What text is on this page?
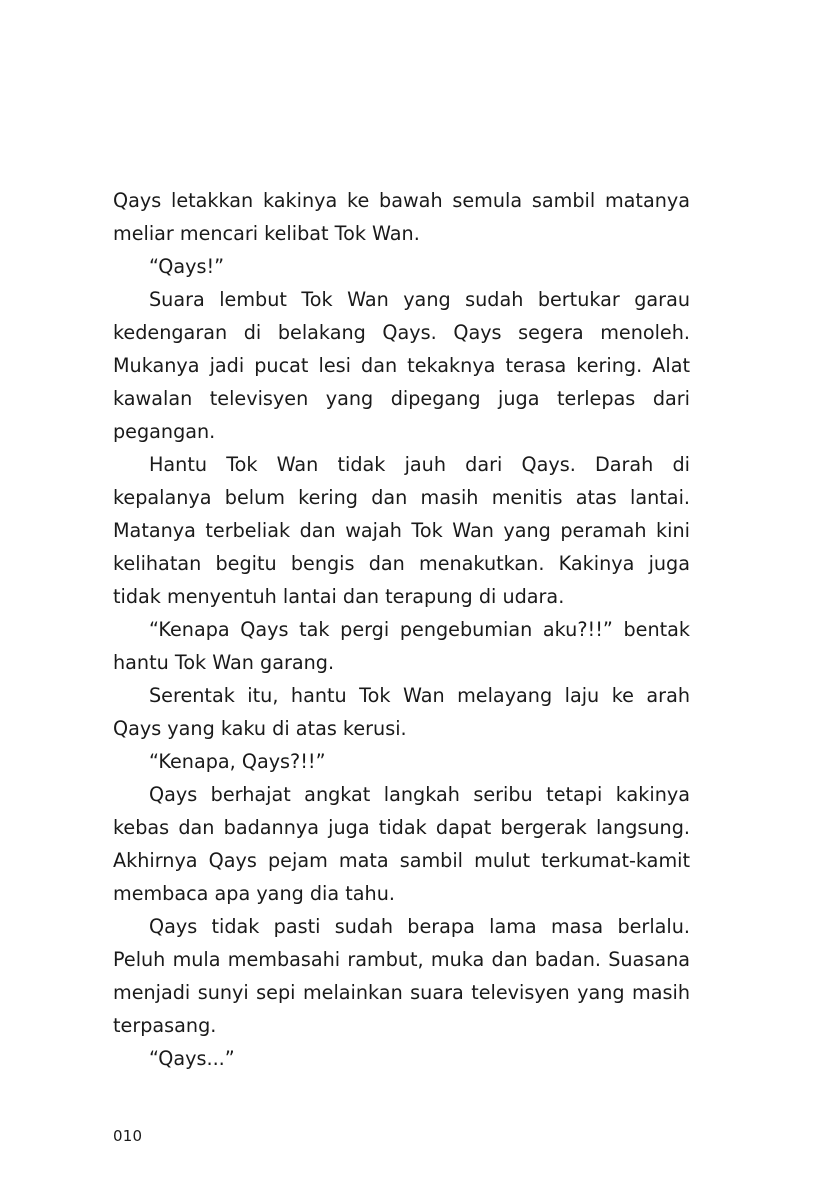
Qays letakkan kakinya ke bawah semula sambil matanya meliar mencari kelibat Tok Wan.

“Qays!”

Suara lembut Tok Wan yang sudah bertukar garau kedengaran di belakang Qays. Qays segera menoleh. Mukanya jadi pucat lesi dan tekaknya terasa kering. Alat kawalan televisyen yang dipegang juga terlepas dari pegangan.

Hantu Tok Wan tidak jauh dari Qays. Darah di kepalanya belum kering dan masih menitis atas lantai. Matanya terbeliak dan wajah Tok Wan yang peramah kini kelihatan begitu bengis dan menakutkan. Kakinya juga tidak menyentuh lantai dan terapung di udara.

“Kenapa Qays tak pergi pengebumian aku?!!” bentak hantu Tok Wan garang.

Serentak itu, hantu Tok Wan melayang laju ke arah Qays yang kaku di atas kerusi.

“Kenapa, Qays?!!”

Qays berhajat angkat langkah seribu tetapi kakinya kebas dan badannya juga tidak dapat bergerak langsung. Akhirnya Qays pejam mata sambil mulut terkumat-kamit membaca apa yang dia tahu.

Qays tidak pasti sudah berapa lama masa berlalu. Peluh mula membasahi rambut, muka dan badan. Suasana menjadi sunyi sepi melainkan suara televisyen yang masih terpasang.

“Qays...”

010
